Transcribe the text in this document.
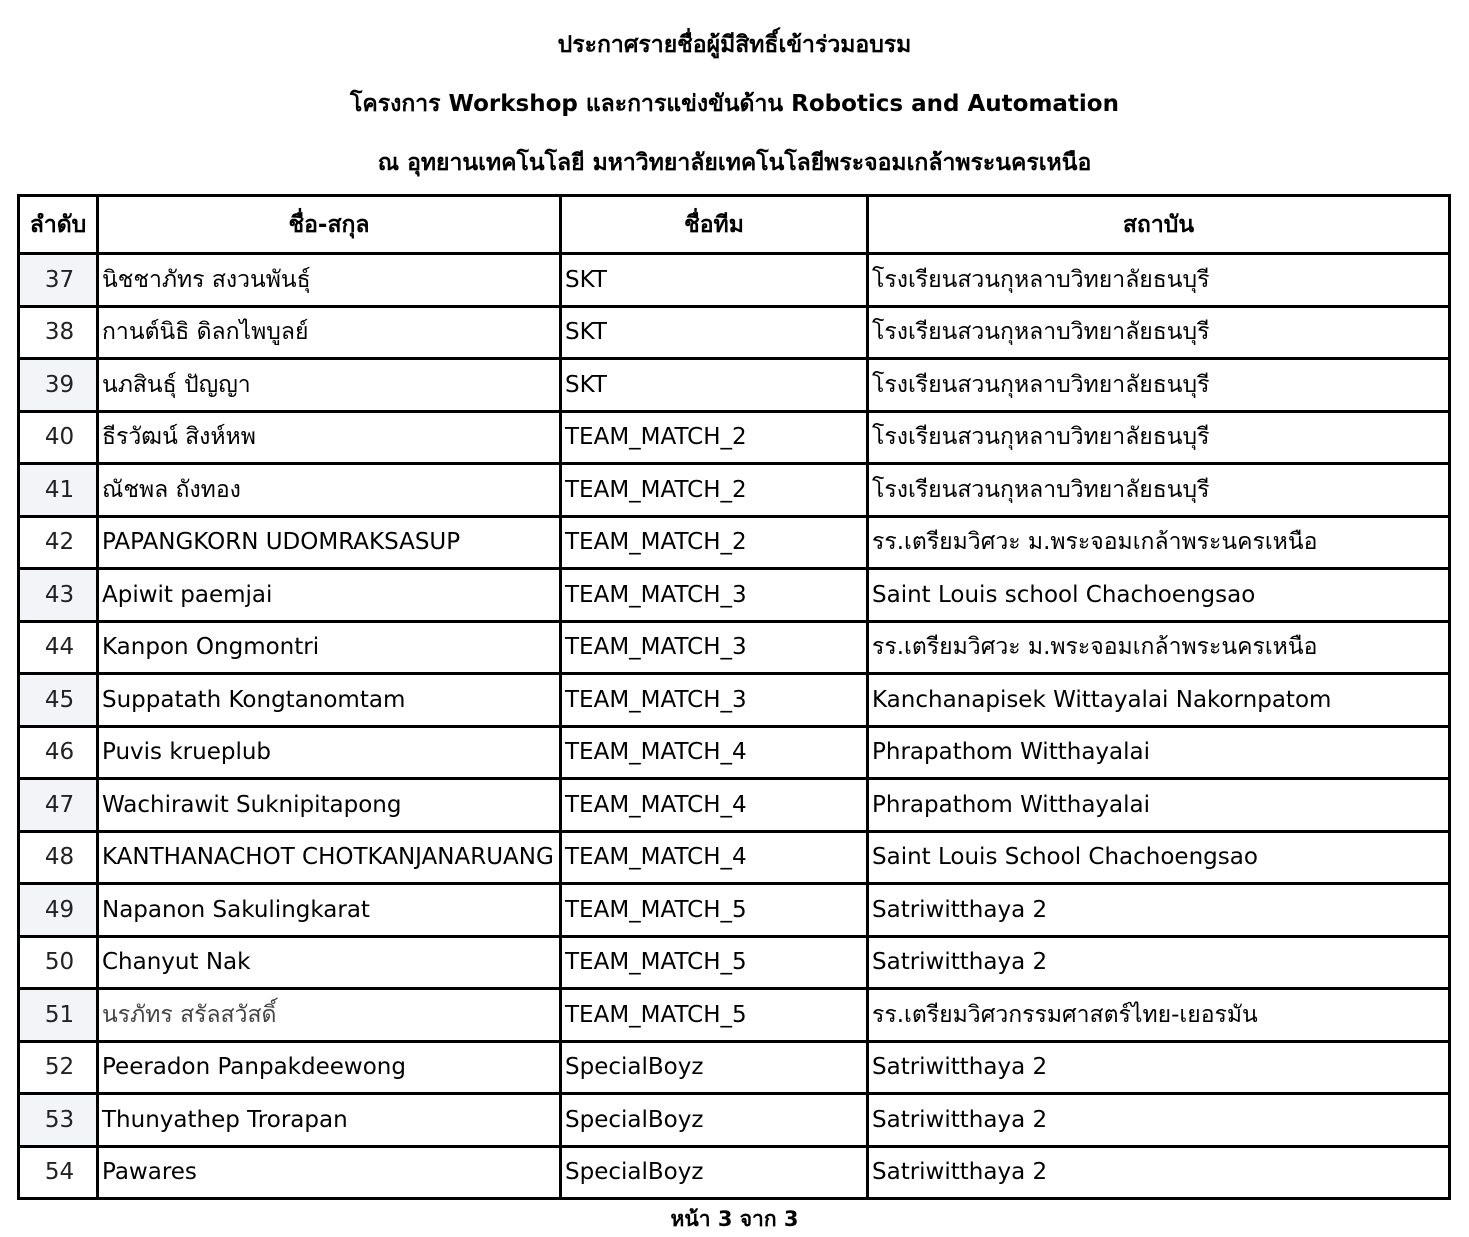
ประกาศรายชื่อผู้มีสิทธิ์เข้าร่วมอบรม
โครงการ Workshop และการแข่งขันด้าน Robotics and Automation
ณ อุทยานเทคโนโลยี มหาวิทยาลัยเทคโนโลยีพระจอมเกล้าพระนครเหนือ
ลำดับ	ชื่อ-สกุล	ชื่อทีม	สถาบัน
37	นิชชาภัทร สงวนพันธุ์	SKT	โรงเรียนสวนกุหลาบวิทยาลัยธนบุรี
38	กานต์นิธิ ดิลกไพบูลย์	SKT	โรงเรียนสวนกุหลาบวิทยาลัยธนบุรี
39	นภสินธุ์ ปัญญา	SKT	โรงเรียนสวนกุหลาบวิทยาลัยธนบุรี
40	ธีรวัฒน์ สิงห์หพ	TEAM_MATCH_2	โรงเรียนสวนกุหลาบวิทยาลัยธนบุรี
41	ณัชพล ถังทอง	TEAM_MATCH_2	โรงเรียนสวนกุหลาบวิทยาลัยธนบุรี
42	PAPANGKORN UDOMRAKSASUP	TEAM_MATCH_2	รร.เตรียมวิศวะ ม.พระจอมเกล้าพระนครเหนือ
43	Apiwit paemjai	TEAM_MATCH_3	Saint Louis school Chachoengsao
44	Kanpon Ongmontri	TEAM_MATCH_3	รร.เตรียมวิศวะ ม.พระจอมเกล้าพระนครเหนือ
45	Suppatath Kongtanomtam	TEAM_MATCH_3	Kanchanapisek Wittayalai Nakornpatom
46	Puvis krueplub	TEAM_MATCH_4	Phrapathom Witthayalai
47	Wachirawit Suknipitapong	TEAM_MATCH_4	Phrapathom Witthayalai
48	KANTHANACHOT CHOTKANJANARUANG	TEAM_MATCH_4	Saint Louis School Chachoengsao
49	Napanon Sakulingkarat	TEAM_MATCH_5	Satriwitthaya 2
50	Chanyut Nak	TEAM_MATCH_5	Satriwitthaya 2
51	นรภัทร สรัลสวัสดิ์	TEAM_MATCH_5	รร.เตรียมวิศวกรรมศาสตร์ไทย-เยอรมัน
52	Peeradon Panpakdeewong	SpecialBoyz	Satriwitthaya 2
53	Thunyathep Trorapan	SpecialBoyz	Satriwitthaya 2
54	Pawares	SpecialBoyz	Satriwitthaya 2
หน้า 3 จาก 3
